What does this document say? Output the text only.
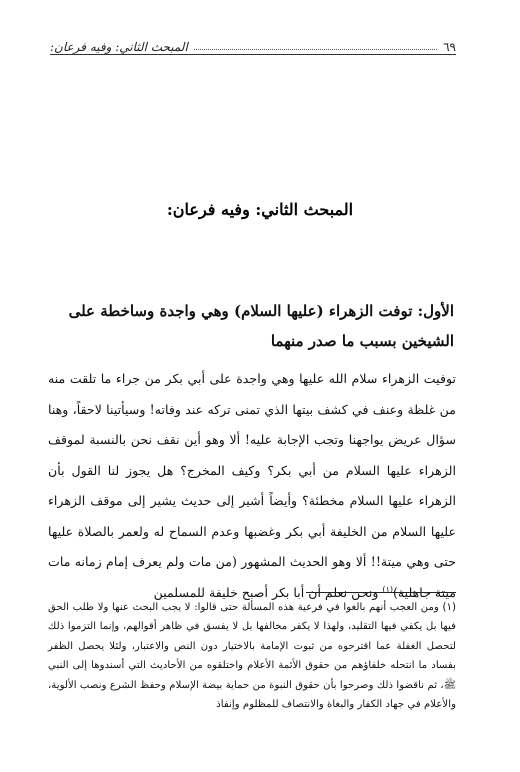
٦٩
المبحث الثاني: وفيه فرعان:
المبحث الثاني: وفيه فرعان:
الأول: توفت الزهراء (عليها السلام) وهي واجدة وساخطة على الشيخين بسبب ما صدر منهما

توفيت الزهراء سلام الله عليها وهي واجدة على أبي بكر من جراء ما تلقت منه من غلظة وعنف في كشف بيتها الذي تمنى تركه عند وفاته! وسيأتينا لاحقاً، وهنا سؤال عريض يواجهنا وتجب الإجابة عليه! ألا وهو أين نقف نحن بالنسبة لموقف الزهراء عليها السلام من أبي بكر؟ وكيف المخرج؟ هل يجوز لنا القول بأن الزهراء عليها السلام مخطئة؟ وأيضاً أشير إلى حديث يشير إلى موقف الزهراء عليها السلام من الخليفة أبي بكر وغضبها وعدم السماح له ولعمر بالصلاة عليها حتى وهي ميتة!! ألا وهو الحديث المشهور (من مات ولم يعرف إمام زمانه مات ميتة جاهلية)$^{(١)}$ ونحن نعلم أن أبا بكر أصبح خليفة للمسلمين

(١) ومن العجب أنهم بالغوا في فرعية هذه المسألة حتى قالوا: لا يجب البحث عنها ولا طلب الحق فيها بل يكفي فيها التقليد، ولهذا لا يكفر مخالفها بل لا يفسق في ظاهر أقوالهم، وإنما التزموا ذلك لتحصل الغفلة عما اقترحوه من ثبوت الإمامة بالاختيار دون النص والاعتبار، ولئلا يحصل الظفر بفساد ما انتحله خلفاؤهم من حقوق الأئمة الأعلام واختلقوه من الأحاديث التي أسندوها إلى النبي ﷺ، ثم ناقضوا ذلك وصرحوا بأن حقوق النبوة من حماية بيضة الإسلام وحفظ الشرع ونصب الألوية، والأعلام في جهاد الكفار والبغاة والانتصاف للمظلوم وإنفاذ
